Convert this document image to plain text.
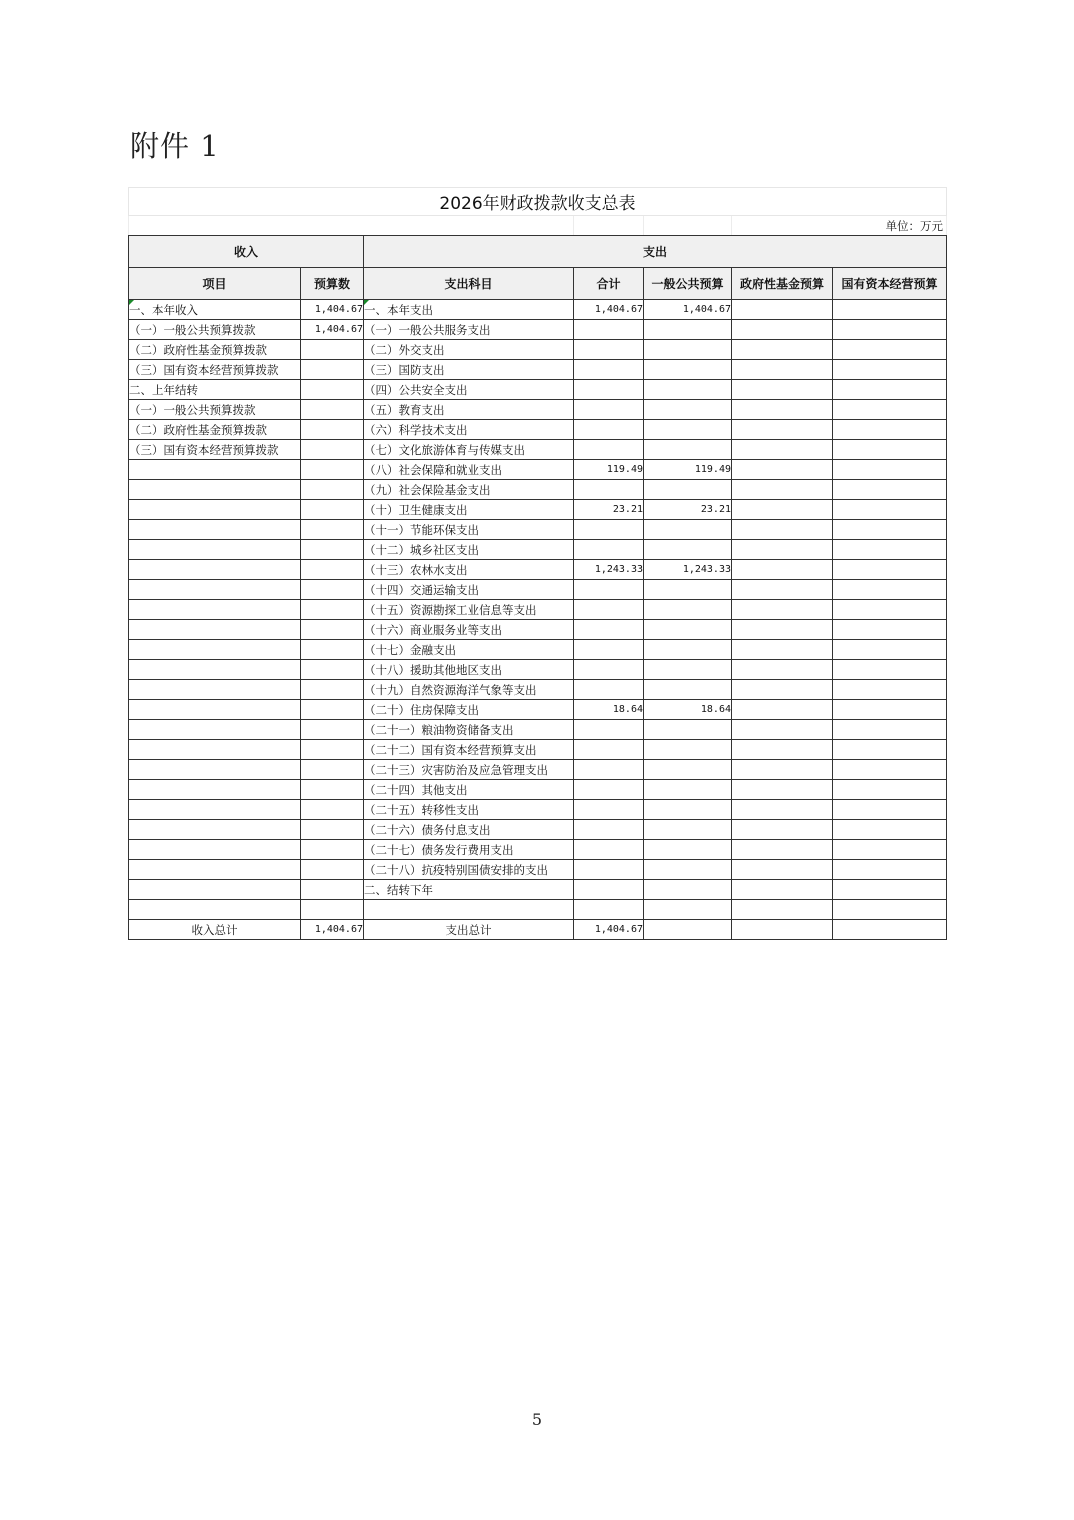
附件 1
2026年财政拨款收支总表						
					单位：万元	
收入		支出				
项目	预算数	支出科目	合计	一般公共预算	政府性基金预算	国有资本经营预算
一、本年收入	1,404.67	一、本年支出	1,404.67	1,404.67		
（一）一般公共预算拨款	1,404.67	（一）一般公共服务支出				
（二）政府性基金预算拨款		（二）外交支出				
（三）国有资本经营预算拨款		（三）国防支出				
二、上年结转		（四）公共安全支出				
（一）一般公共预算拨款		（五）教育支出				
（二）政府性基金预算拨款		（六）科学技术支出				
（三）国有资本经营预算拨款		（七）文化旅游体育与传媒支出				
		（八）社会保障和就业支出	119.49	119.49		
		（九）社会保险基金支出				
		（十）卫生健康支出	23.21	23.21		
		（十一）节能环保支出				
		（十二）城乡社区支出				
		（十三）农林水支出	1,243.33	1,243.33		
		（十四）交通运输支出				
		（十五）资源勘探工业信息等支出				
		（十六）商业服务业等支出				
		（十七）金融支出				
		（十八）援助其他地区支出				
		（十九）自然资源海洋气象等支出				
		（二十）住房保障支出	18.64	18.64		
		（二十一）粮油物资储备支出				
		（二十二）国有资本经营预算支出				
		（二十三）灾害防治及应急管理支出				
		（二十四）其他支出				
		（二十五）转移性支出				
		（二十六）债务付息支出				
		（二十七）债务发行费用支出				
		（二十八）抗疫特别国债安排的支出				
		二、结转下年				

收入总计	1,404.67	支出总计	1,404.67			
5
